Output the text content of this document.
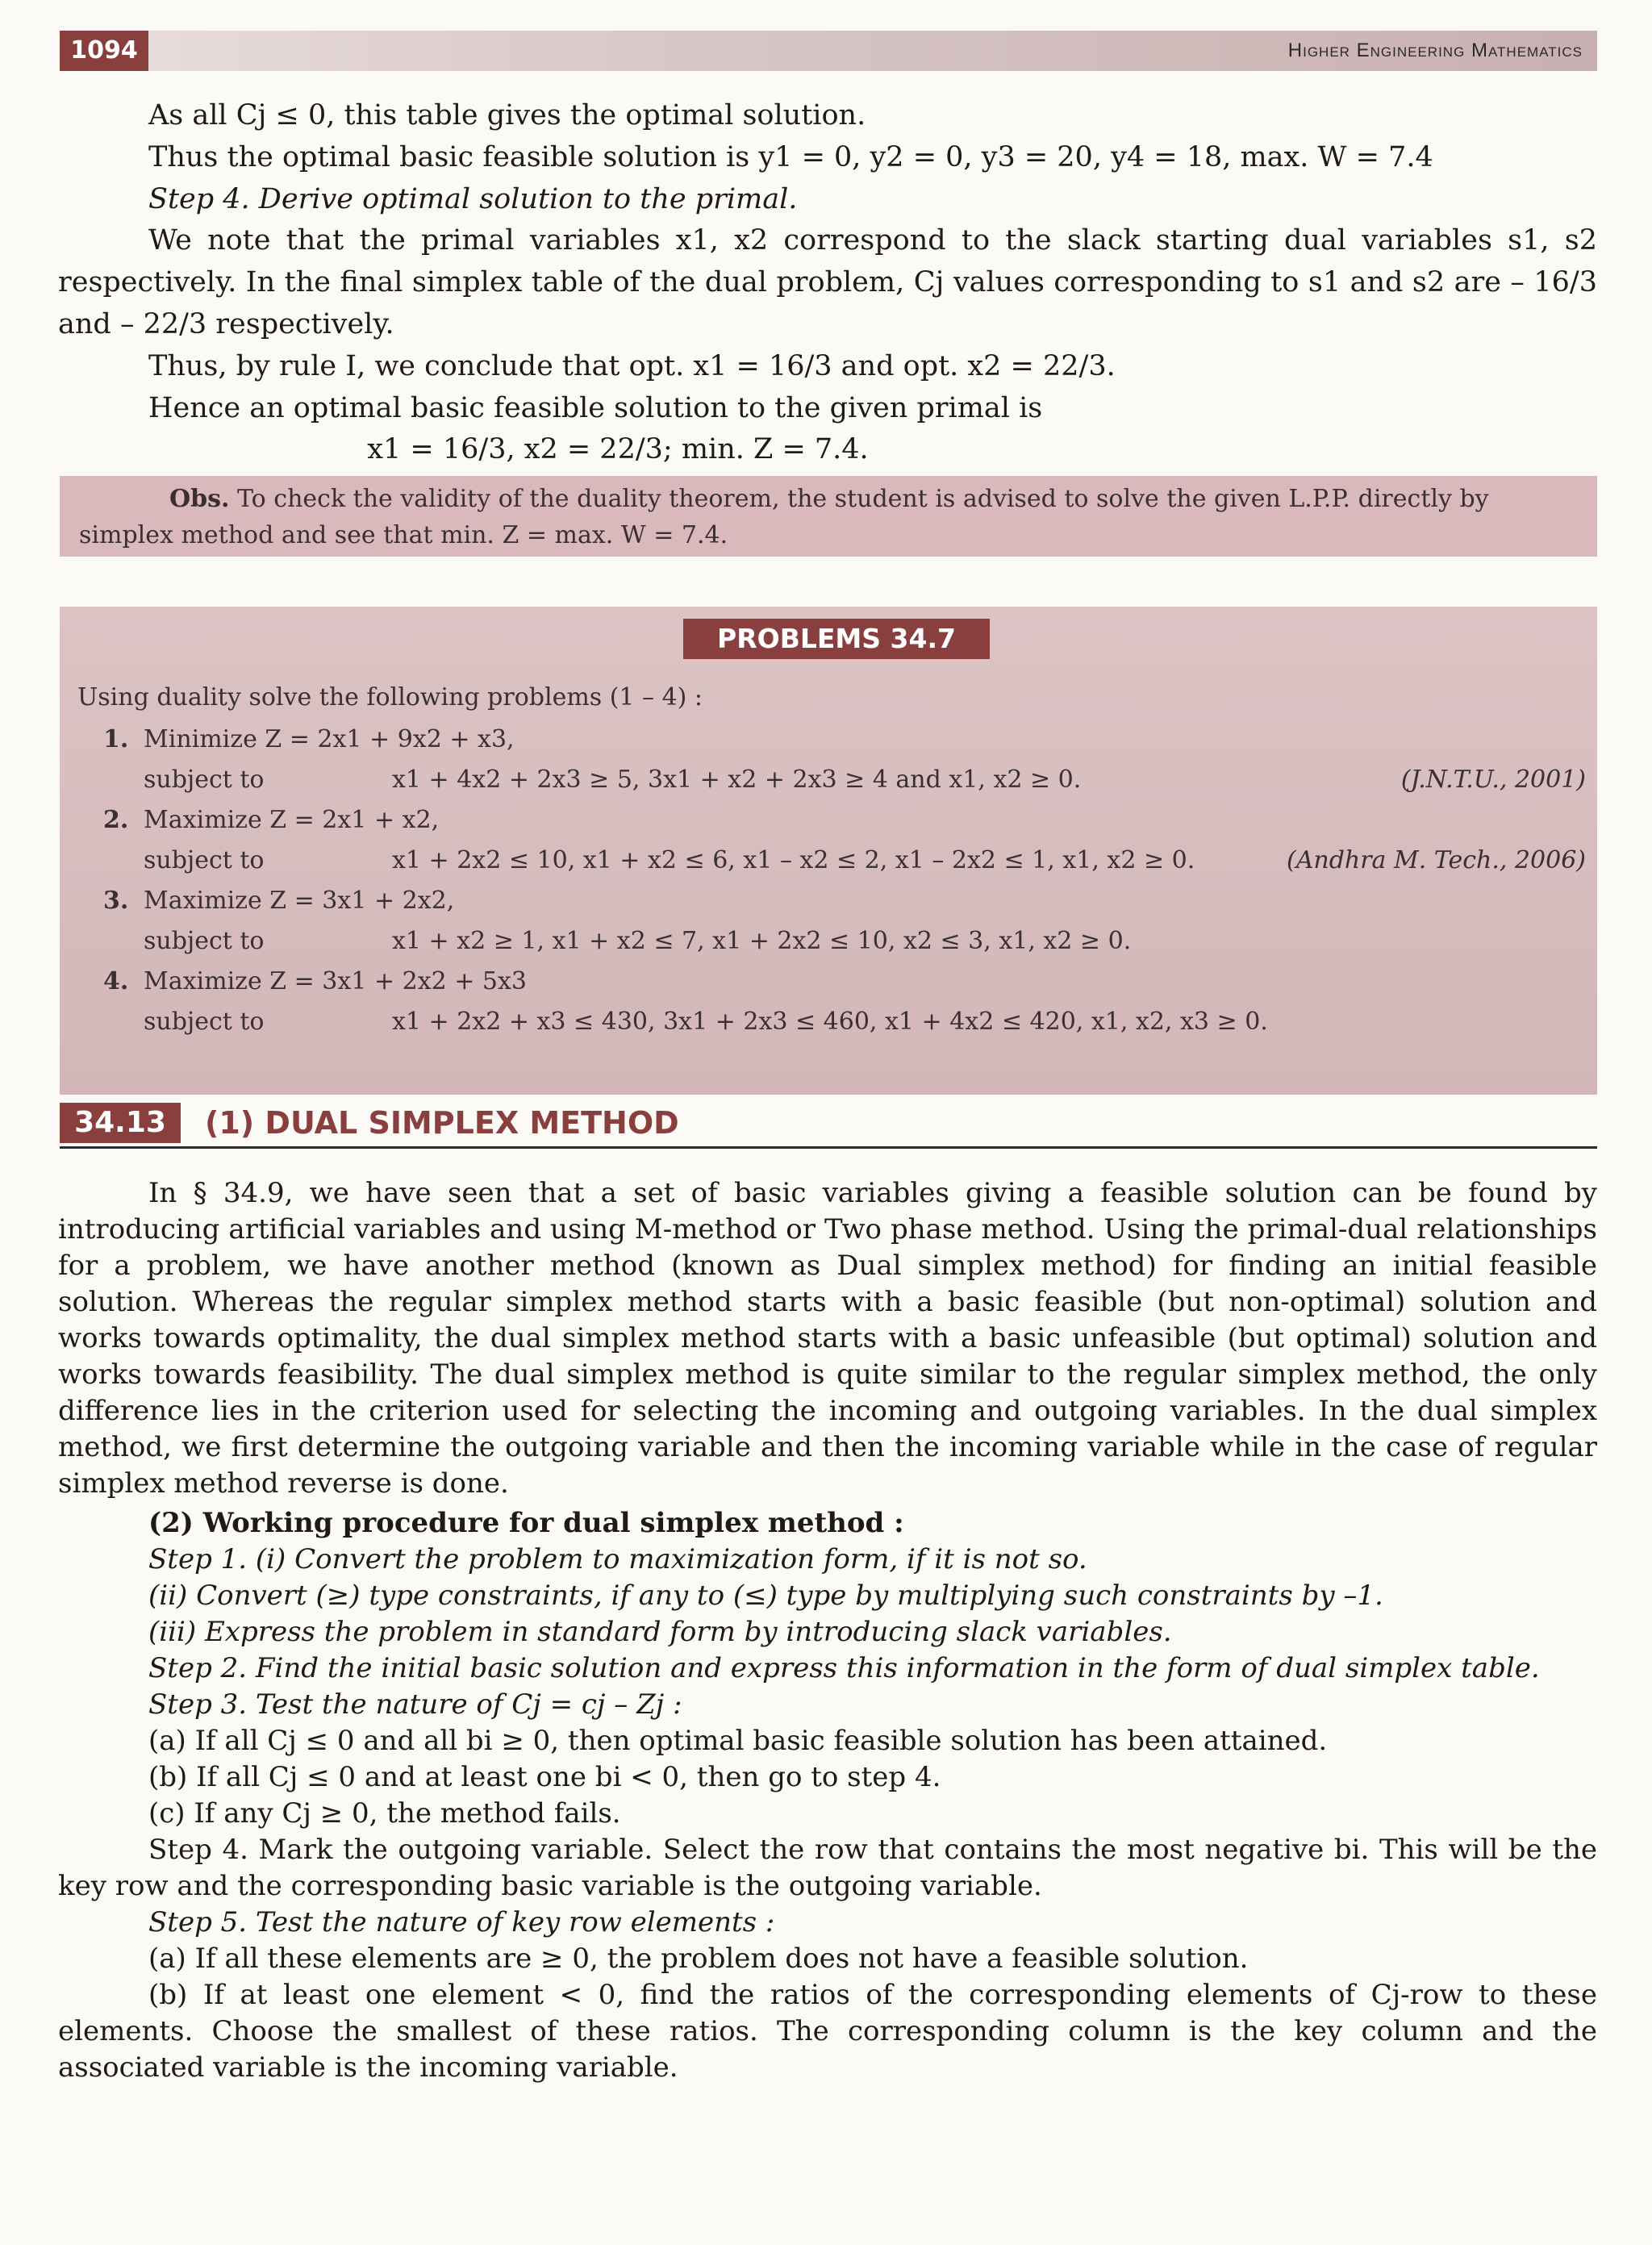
1094	Higher Engineering Mathematics

As all Cj ≤ 0, this table gives the optimal solution.

Thus the optimal basic feasible solution is y1 = 0, y2 = 0, y3 = 20, y4 = 18, max. W = 7.4

Step 4. Derive optimal solution to the primal.

We note that the primal variables x1, x2 correspond to the slack starting dual variables s1, s2 respectively. In the final simplex table of the dual problem, Cj values corresponding to s1 and s2 are – 16/3 and – 22/3 respectively.

Thus, by rule I, we conclude that opt. x1 = 16/3 and opt. x2 = 22/3.

Hence an optimal basic feasible solution to the given primal is

x1 = 16/3, x2 = 22/3; min. Z = 7.4.

Obs. To check the validity of the duality theorem, the student is advised to solve the given L.P.P. directly by simplex method and see that min. Z = max. W = 7.4.
PROBLEMS 34.7
Using duality solve the following problems (1 – 4) :
1. Minimize Z = 2x1 + 9x2 + x3,
subject to	x1 + 4x2 + 2x3 ≥ 5, 3x1 + x2 + 2x3 ≥ 4 and x1, x2 ≥ 0.	(J.N.T.U., 2001)
2. Maximize Z = 2x1 + x2,
subject to	x1 + 2x2 ≤ 10, x1 + x2 ≤ 6, x1 – x2 ≤ 2, x1 – 2x2 ≤ 1, x1, x2 ≥ 0.	(Andhra M. Tech., 2006)
3. Maximize Z = 3x1 + 2x2,
subject to	x1 + x2 ≥ 1, x1 + x2 ≤ 7, x1 + 2x2 ≤ 10, x2 ≤ 3, x1, x2 ≥ 0.
4. Maximize Z = 3x1 + 2x2 + 5x3
subject to	x1 + 2x2 + x3 ≤ 430, 3x1 + 2x3 ≤ 460, x1 + 4x2 ≤ 420, x1, x2, x3 ≥ 0.
34.13	(1) DUAL SIMPLEX METHOD

In § 34.9, we have seen that a set of basic variables giving a feasible solution can be found by introducing artificial variables and using M-method or Two phase method. Using the primal-dual relationships for a problem, we have another method (known as Dual simplex method) for finding an initial feasible solution. Whereas the regular simplex method starts with a basic feasible (but non-optimal) solution and works towards optimality, the dual simplex method starts with a basic unfeasible (but optimal) solution and works towards feasibility. The dual simplex method is quite similar to the regular simplex method, the only difference lies in the criterion used for selecting the incoming and outgoing variables. In the dual simplex method, we first determine the outgoing variable and then the incoming variable while in the case of regular simplex method reverse is done.

(2) Working procedure for dual simplex method :

Step 1. (i) Convert the problem to maximization form, if it is not so.

(ii) Convert (≥) type constraints, if any to (≤) type by multiplying such constraints by –1.

(iii) Express the problem in standard form by introducing slack variables.

Step 2. Find the initial basic solution and express this information in the form of dual simplex table.

Step 3. Test the nature of Cj = cj – Zj :

(a) If all Cj ≤ 0 and all bi ≥ 0, then optimal basic feasible solution has been attained.

(b) If all Cj ≤ 0 and at least one bi < 0, then go to step 4.

(c) If any Cj ≥ 0, the method fails.

Step 4. Mark the outgoing variable. Select the row that contains the most negative bi. This will be the key row and the corresponding basic variable is the outgoing variable.

Step 5. Test the nature of key row elements :

(a) If all these elements are ≥ 0, the problem does not have a feasible solution.

(b) If at least one element < 0, find the ratios of the corresponding elements of Cj-row to these elements. Choose the smallest of these ratios. The corresponding column is the key column and the associated variable is the incoming variable.
